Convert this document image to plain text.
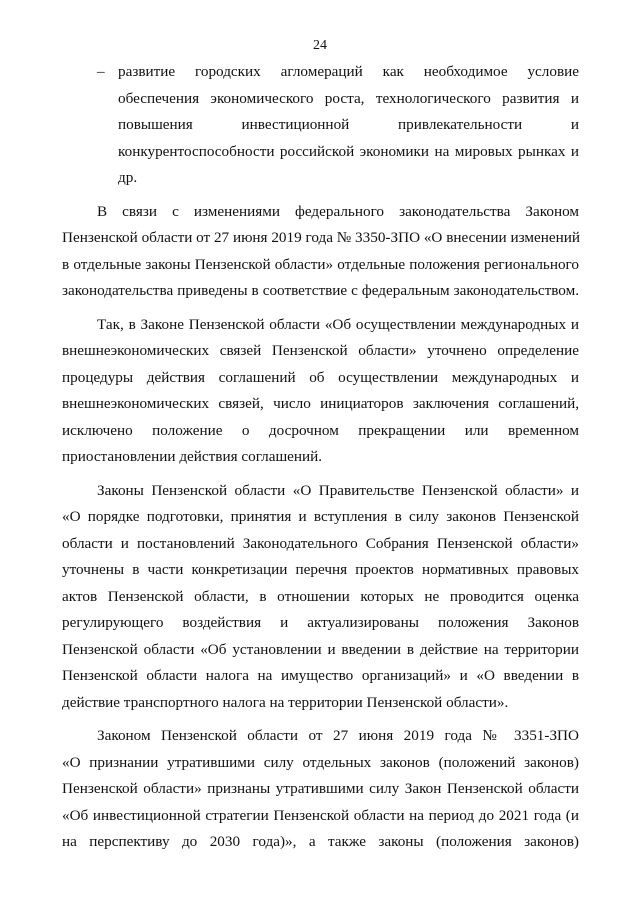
24
– развитие городских агломераций как необходимое условие
обеспечения экономического роста, технологического развития и
повышения инвестиционной привлекательности и
конкурентоспособности российской экономики на мировых рынках и
др.
В связи с изменениями федерального законодательства Законом
Пензенской области от 27 июня 2019 года № 3350-ЗПО «О внесении изменений
в отдельные законы Пензенской области» отдельные положения регионального
законодательства приведены в соответствие с федеральным законодательством.
Так, в Законе Пензенской области «Об осуществлении международных и
внешнеэкономических связей Пензенской области» уточнено определение
процедуры действия соглашений об осуществлении международных и
внешнеэкономических связей, число инициаторов заключения соглашений,
исключено положение о досрочном прекращении или временном
приостановлении действия соглашений.
Законы Пензенской области «О Правительстве Пензенской области» и
«О порядке подготовки, принятия и вступления в силу законов Пензенской
области и постановлений Законодательного Собрания Пензенской области»
уточнены в части конкретизации перечня проектов нормативных правовых
актов Пензенской области, в отношении которых не проводится оценка
регулирующего воздействия и актуализированы положения Законов
Пензенской области «Об установлении и введении в действие на территории
Пензенской области налога на имущество организаций» и «О введении в
действие транспортного налога на территории Пензенской области».
Законом Пензенской области от 27 июня 2019 года № 3351-ЗПО
«О признании утратившими силу отдельных законов (положений законов)
Пензенской области» признаны утратившими силу Закон Пензенской области
«Об инвестиционной стратегии Пензенской области на период до 2021 года (и
на перспективу до 2030 года)», а также законы (положения законов)
